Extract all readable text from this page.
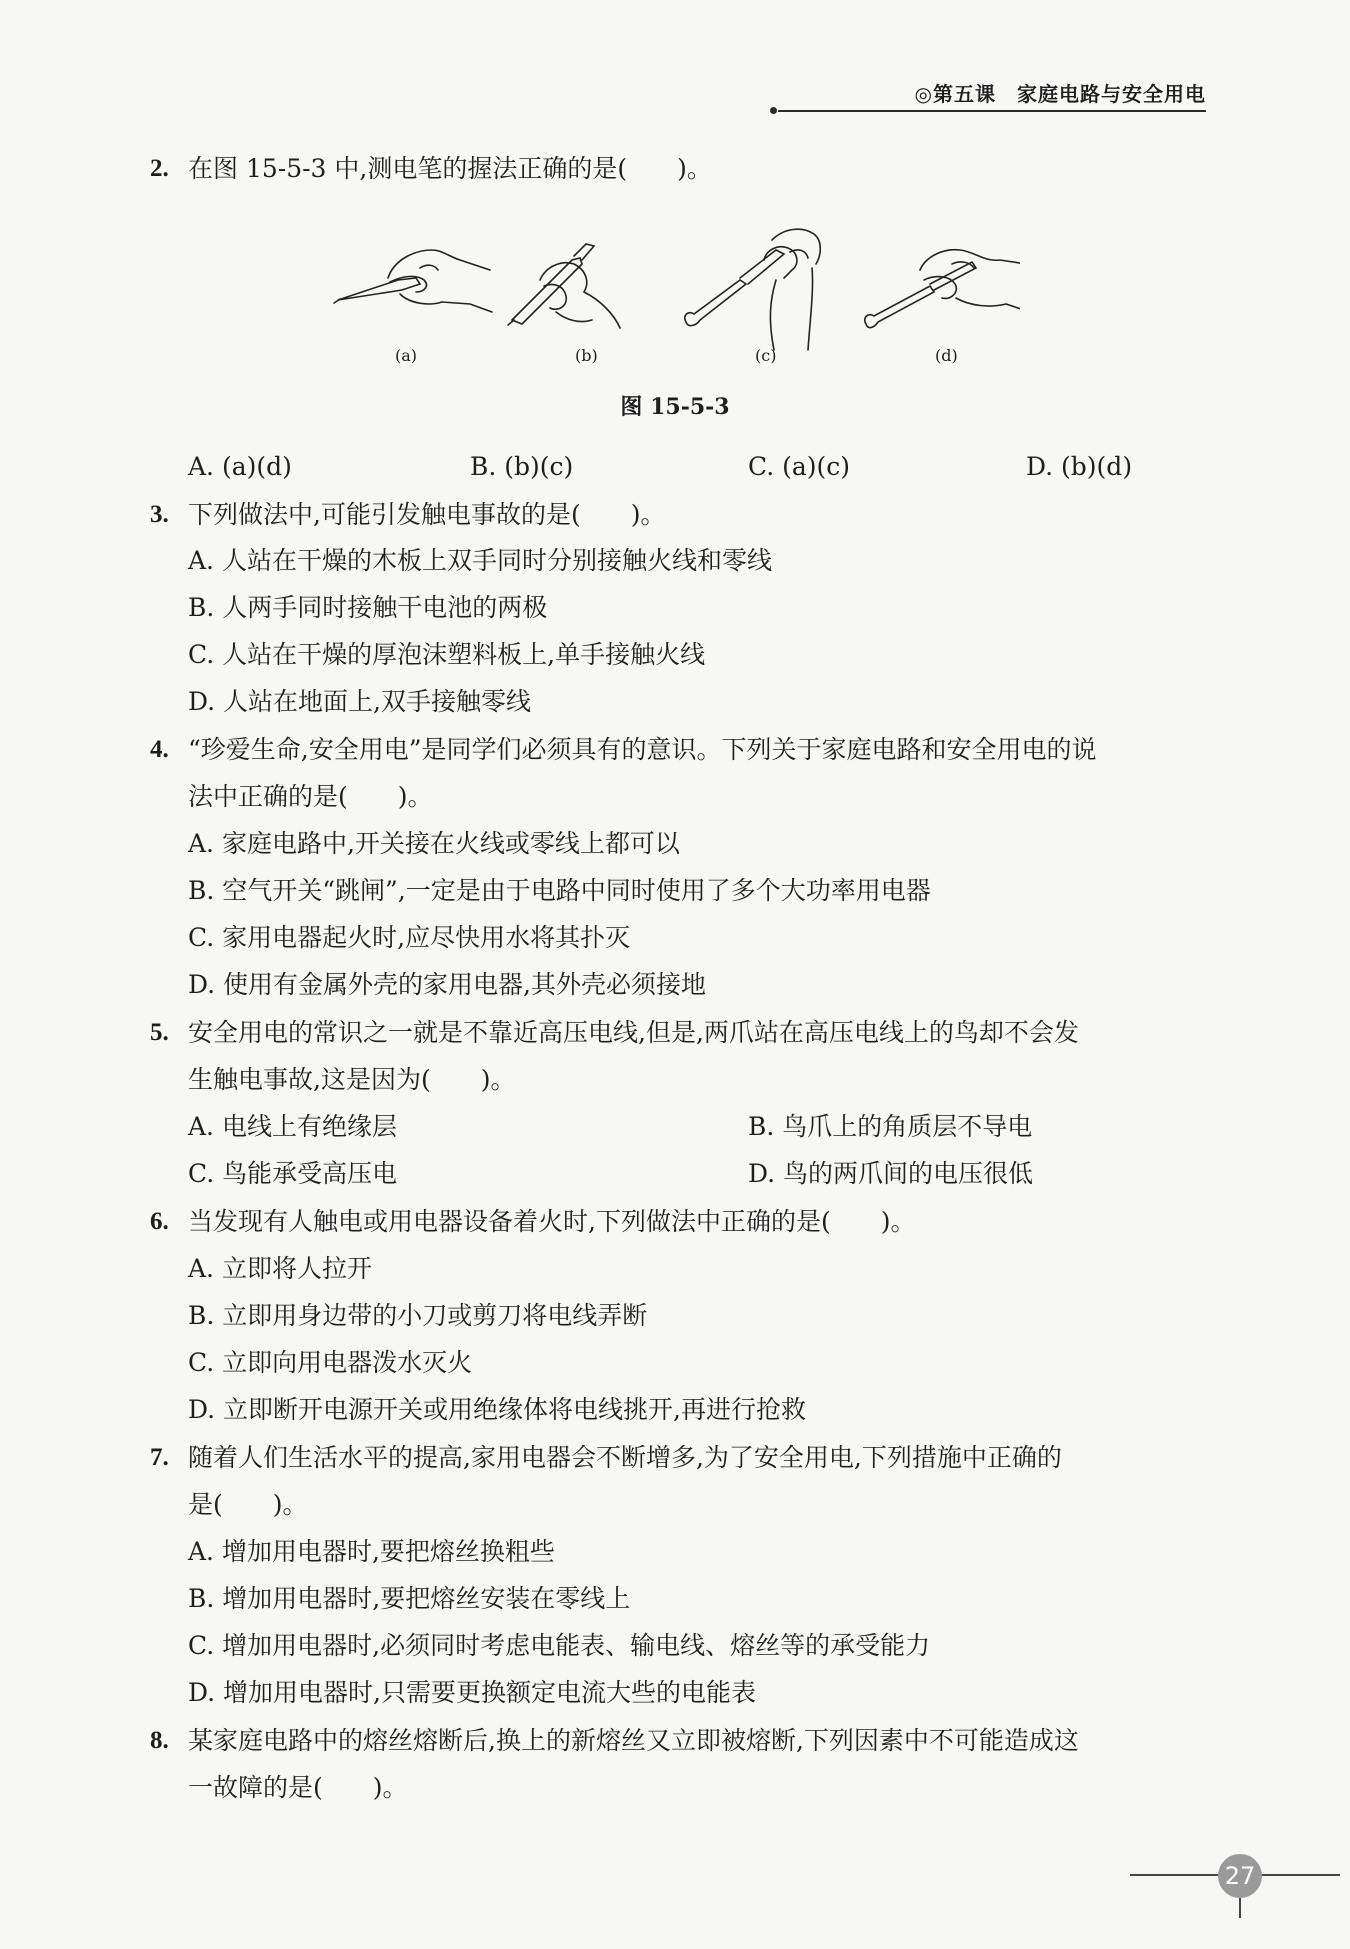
◎第五课　家庭电路与安全用电
2. 在图 15-5-3 中,测电笔的握法正确的是(　　)。
(a)	(b)	(c)	(d)
图 15-5-3
A. (a)(d)	B. (b)(c)	C. (a)(c)	D. (b)(d)
3. 下列做法中,可能引发触电事故的是(　　)。
A. 人站在干燥的木板上双手同时分别接触火线和零线
B. 人两手同时接触干电池的两极
C. 人站在干燥的厚泡沫塑料板上,单手接触火线
D. 人站在地面上,双手接触零线
4. “珍爱生命,安全用电”是同学们必须具有的意识。下列关于家庭电路和安全用电的说
法中正确的是(　　)。
A. 家庭电路中,开关接在火线或零线上都可以
B. 空气开关“跳闸”,一定是由于电路中同时使用了多个大功率用电器
C. 家用电器起火时,应尽快用水将其扑灭
D. 使用有金属外壳的家用电器,其外壳必须接地
5. 安全用电的常识之一就是不靠近高压电线,但是,两爪站在高压电线上的鸟却不会发
生触电事故,这是因为(　　)。
A. 电线上有绝缘层	B. 鸟爪上的角质层不导电
C. 鸟能承受高压电	D. 鸟的两爪间的电压很低
6. 当发现有人触电或用电器设备着火时,下列做法中正确的是(　　)。
A. 立即将人拉开
B. 立即用身边带的小刀或剪刀将电线弄断
C. 立即向用电器泼水灭火
D. 立即断开电源开关或用绝缘体将电线挑开,再进行抢救
7. 随着人们生活水平的提高,家用电器会不断增多,为了安全用电,下列措施中正确的
是(　　)。
A. 增加用电器时,要把熔丝换粗些
B. 增加用电器时,要把熔丝安装在零线上
C. 增加用电器时,必须同时考虑电能表、输电线、熔丝等的承受能力
D. 增加用电器时,只需要更换额定电流大些的电能表
8. 某家庭电路中的熔丝熔断后,换上的新熔丝又立即被熔断,下列因素中不可能造成这
一故障的是(　　)。
27
